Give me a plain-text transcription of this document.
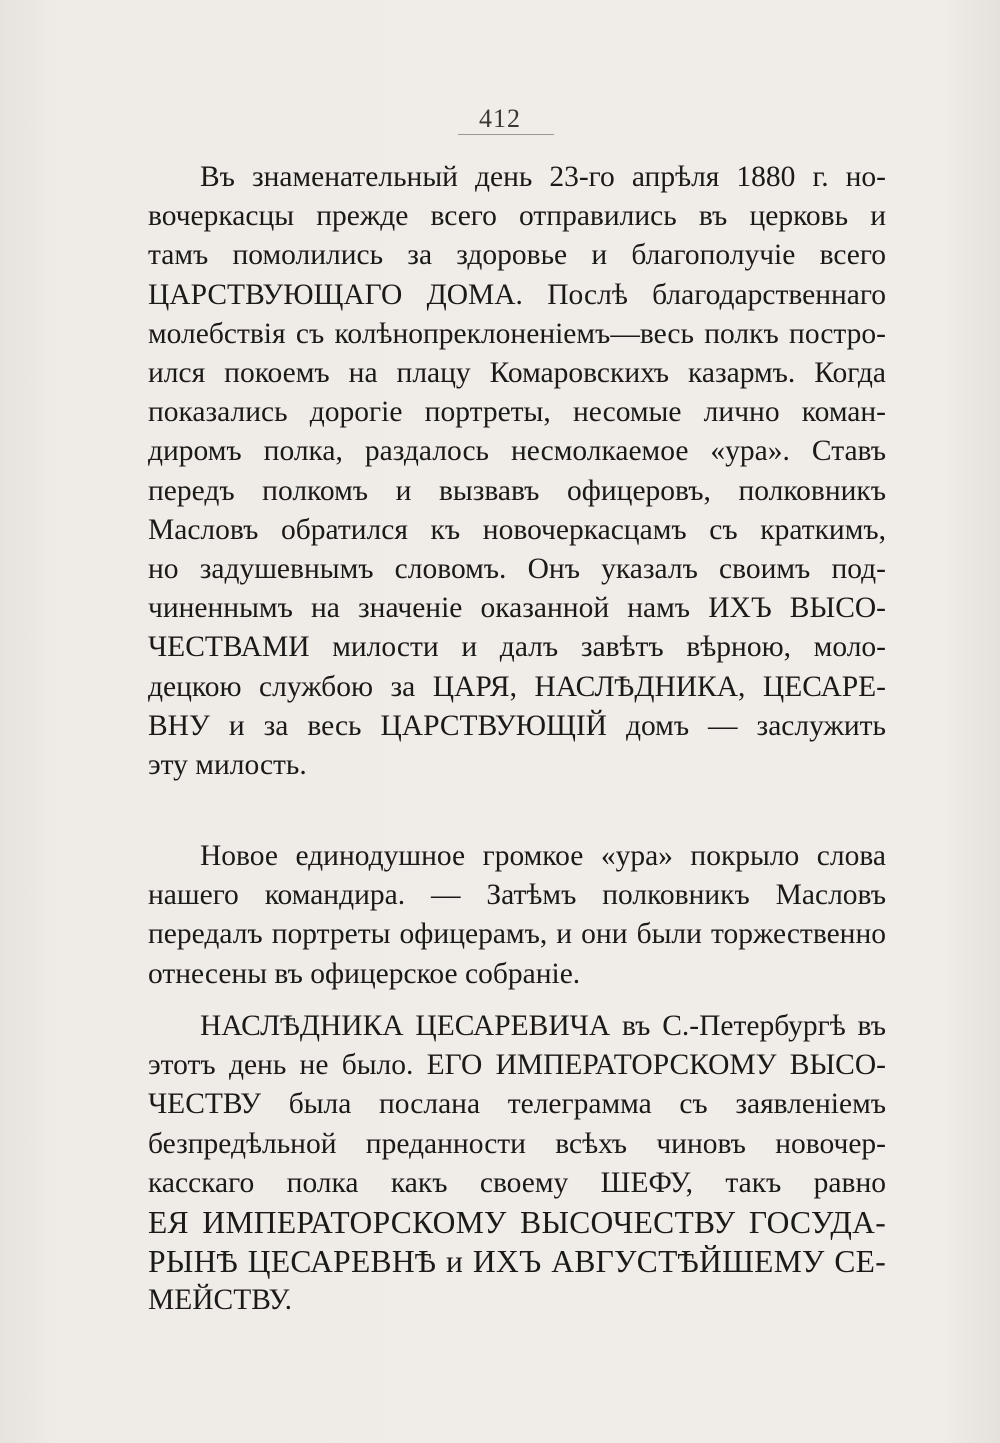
412
Въ знаменательный день 23-го апрѣля 1880 г. но-
вочеркасцы прежде всего отправились въ церковь и
тамъ помолились за здоровье и благополучіе всего
ЦАРСТВУЮЩАГО ДОМА. Послѣ благодарственнаго
молебствія съ колѣнопреклоненіемъ—весь полкъ постро-
ился покоемъ на плацу Комаровскихъ казармъ. Когда
показались дорогіе портреты, несомые лично коман-
диромъ полка, раздалось несмолкаемое «ура». Ставъ
передъ полкомъ и вызвавъ офицеровъ, полковникъ
Масловъ обратился къ новочеркасцамъ съ краткимъ,
но задушевнымъ словомъ. Онъ указалъ своимъ под-
чиненнымъ на значеніе оказанной намъ ИХЪ ВЫСО-
ЧЕСТВАМИ милости и далъ завѣтъ вѣрною, моло-
децкою службою за ЦАРЯ, НАСЛѢДНИКА, ЦЕСАРЕ-
ВНУ и за весь ЦАРСТВУЮЩІЙ домъ — заслужить
эту милость.
Новое единодушное громкое «ура» покрыло слова
нашего командира. — Затѣмъ полковникъ Масловъ
передалъ портреты офицерамъ, и они были торжественно
отнесены въ офицерское собраніе.
НАСЛѢДНИКА ЦЕСАРЕВИЧА въ С.-Петербургѣ въ
этотъ день не было. ЕГО ИМПЕРАТОРСКОМУ ВЫСО-
ЧЕСТВУ была послана телеграмма съ заявленіемъ
безпредѣльной преданности всѣхъ чиновъ новочер-
касскаго полка какъ своему ШЕФУ, такъ равно
ЕЯ ИМПЕРАТОРСКОМУ ВЫСОЧЕСТВУ ГОСУДА-
РЫНѢ ЦЕСАРЕВНѢ и ИХЪ АВГУСТѢЙШЕМУ СЕ-
МЕЙСТВУ.
